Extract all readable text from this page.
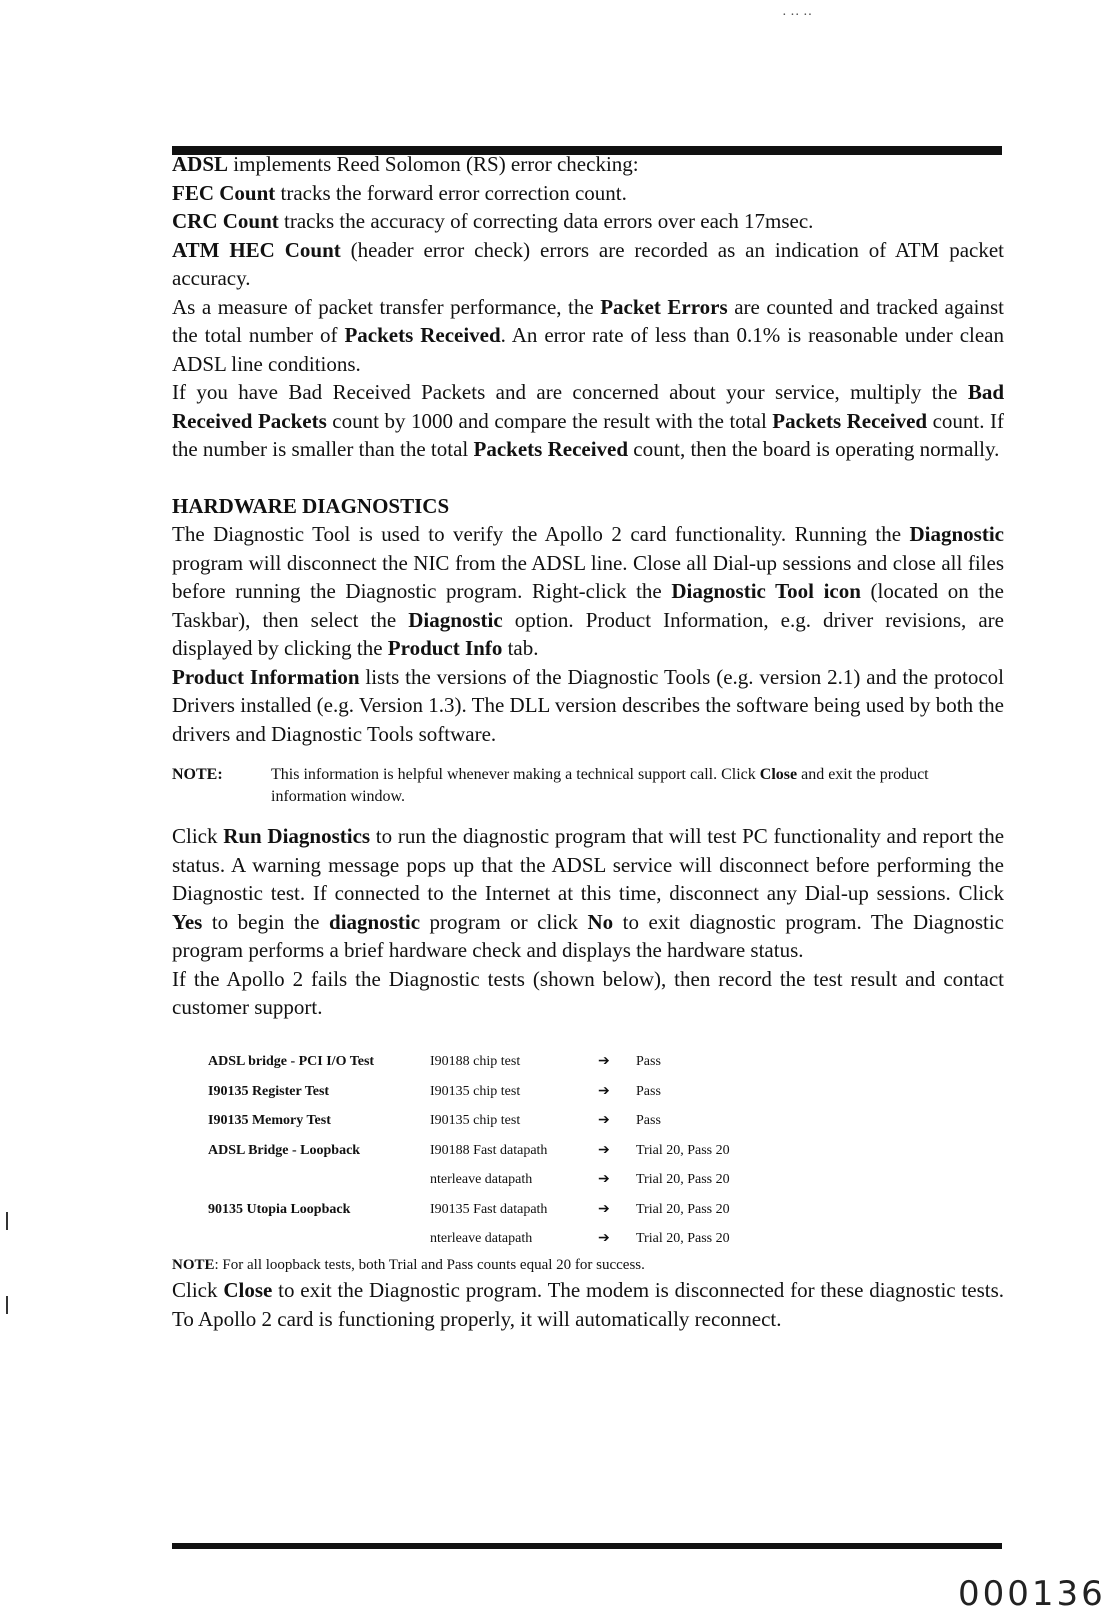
· ·· ··

ADSL implements Reed Solomon (RS) error checking:

FEC Count tracks the forward error correction count.

CRC Count tracks the accuracy of correcting data errors over each 17msec.

ATM HEC Count (header error check) errors are recorded as an indication of ATM packet accuracy.

As a measure of packet transfer performance, the Packet Errors are counted and tracked against the total number of Packets Received. An error rate of less than 0.1% is reasonable under clean ADSL line conditions.

If you have Bad Received Packets and are concerned about your service, multiply the Bad Received Packets count by 1000 and compare the result with the total Packets Received count. If the number is smaller than the total Packets Received count, then the board is operating normally.

HARDWARE DIAGNOSTICS

The Diagnostic Tool is used to verify the Apollo 2 card functionality. Running the Diagnostic program will disconnect the NIC from the ADSL line. Close all Dial-up sessions and close all files before running the Diagnostic program. Right-click the Diagnostic Tool icon (located on the Taskbar), then select the Diagnostic option. Product Information, e.g. driver revisions, are displayed by clicking the Product Info tab.

Product Information lists the versions of the Diagnostic Tools (e.g. version 2.1) and the protocol Drivers installed (e.g. Version 1.3). The DLL version describes the software being used by both the drivers and Diagnostic Tools software.

NOTE:	This information is helpful whenever making a technical support call. Click Close and exit the product information window.

Click Run Diagnostics to run the diagnostic program that will test PC functionality and report the status. A warning message pops up that the ADSL service will disconnect before performing the Diagnostic test. If connected to the Internet at this time, disconnect any Dial-up sessions. Click Yes to begin the diagnostic program or click No to exit diagnostic program. The Diagnostic program performs a brief hardware check and displays the hardware status.

If the Apollo 2 fails the Diagnostic tests (shown below), then record the test result and contact customer support.

ADSL bridge - PCI I/O Test	I90188 chip test	➔	Pass
I90135 Register Test	I90135 chip test	➔	Pass
I90135 Memory Test	I90135 chip test	➔	Pass
ADSL Bridge - Loopback	I90188 Fast datapath	➔	Trial 20, Pass 20
	nterleave datapath	➔	Trial 20, Pass 20
90135 Utopia Loopback	I90135 Fast datapath	➔	Trial 20, Pass 20
	nterleave datapath	➔	Trial 20, Pass 20

NOTE: For all loopback tests, both Trial and Pass counts equal 20 for success.

Click Close to exit the Diagnostic program. The modem is disconnected for these diagnostic tests. To Apollo 2 card is functioning properly, it will automatically reconnect.

000136
